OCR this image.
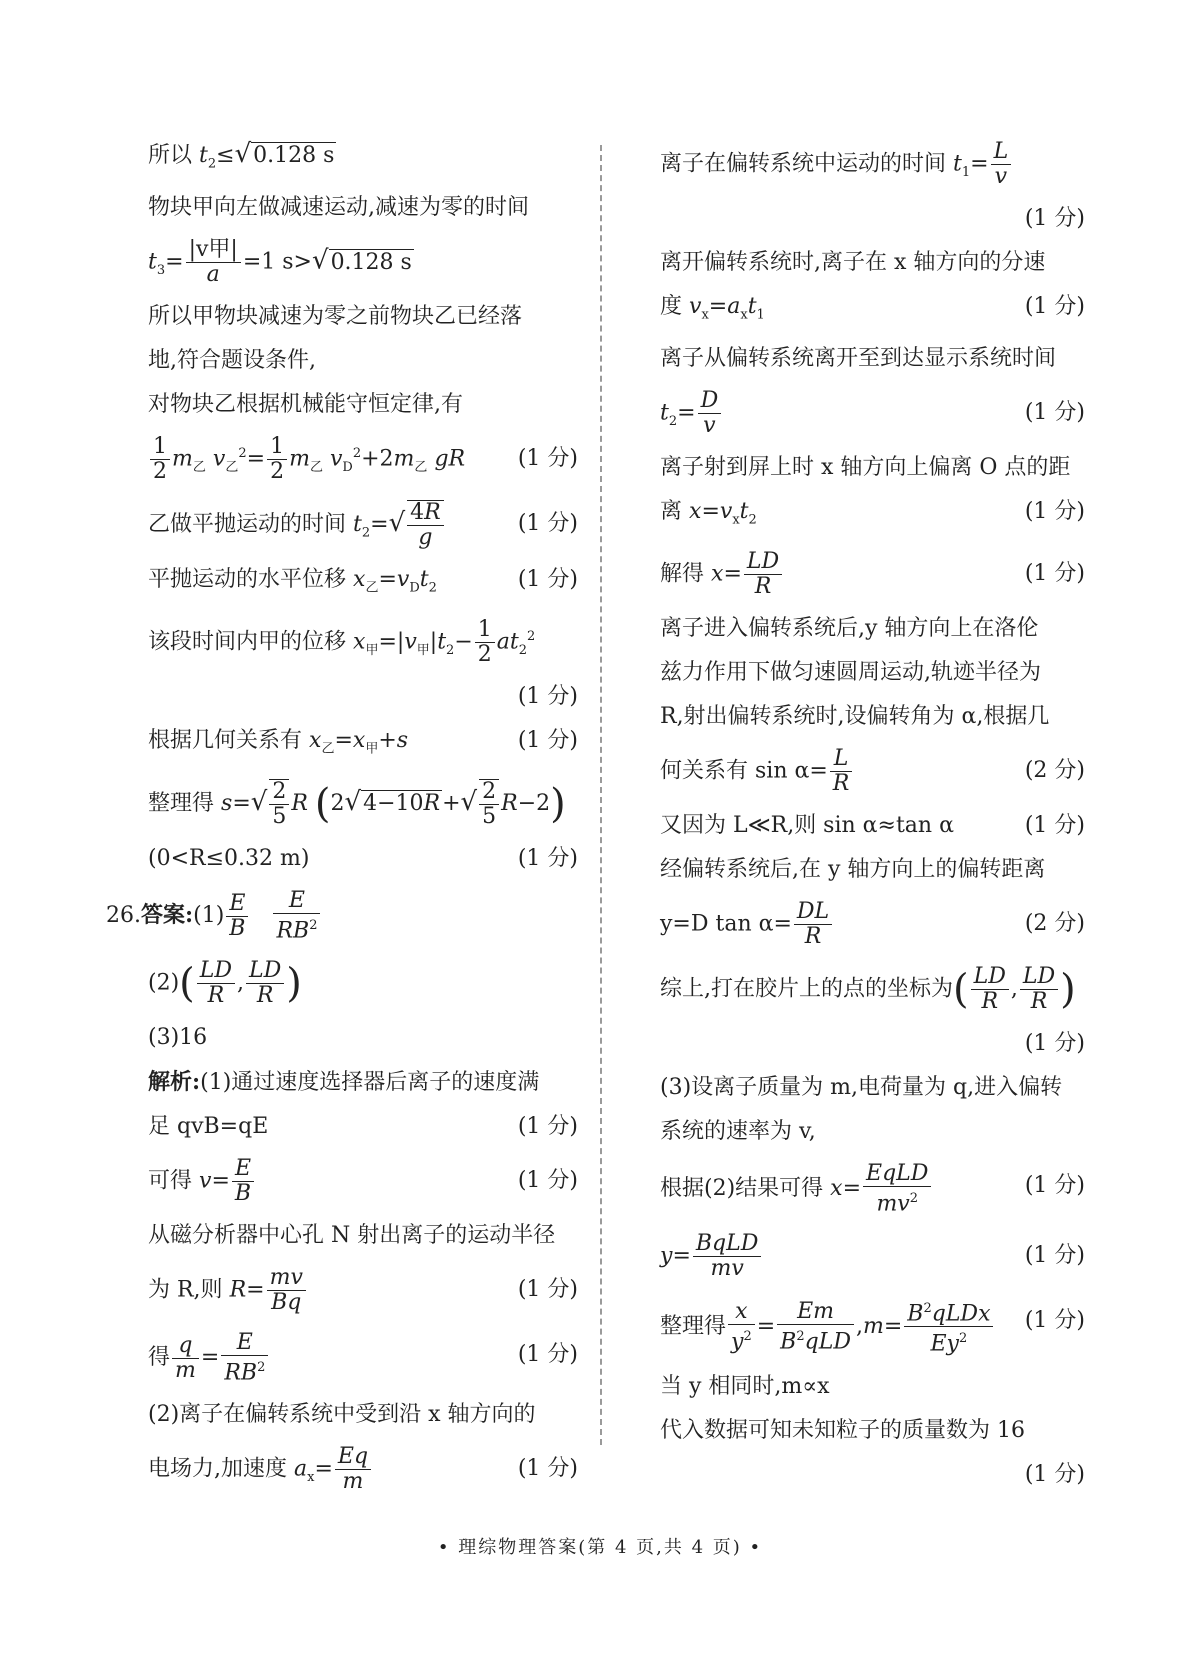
所以 $t_2\le√0.128$ s
物块甲向左做减速运动,减速为零的时间
$t_3= \frac{\text{|v甲|}}{a} =1$ s>√0.128 s
所以甲物块减速为零之前物块乙已经落
地,符合题设条件,
对物块乙根据机械能守恒定律,有
$\frac{1}{2} m_乙$ $v_乙^2= \frac{1}{2} m_乙$ $v_D^2+2m_乙$ gR (1 分)
乙做平抛运动的时间 $t_2=√ \frac{4R}{g}$	(1 分)
平抛运动的水平位移 $x_乙=v_Dt_2$	(1 分)
该段时间内甲的位移 $x_甲=|v_甲|t_2- \frac{1}{2} at_2^2$
(1 分)
根据几何关系有 $x_乙=x_甲+s$	(1 分)
整理得 $s=√ \frac{2}{5}$ R $(2√4-10R+√ \frac{2}{5} R-2)$
(0<R≤0.32 m)	(1 分)
26.答案:(1) $\frac{E}{B}$
$\frac{E}{RB^2}$
$(2)( \frac{LD}{R}$ , $\frac{LD}{R}$ )
(3)16
解析:(1)通过速度选择器后离子的速度满
足 qvB=qE	(1 分)
可得 $v= \frac{E}{B}$	(1 分)
从磁分析器中心孔 N 射出离子的运动半径
为 R,则 $R= \frac{mv}{Bq}$	(1 分)
得 $\frac{q}{m} = \frac{E}{RB^2}$	(1 分)
(2)离子在偏转系统中受到沿 x 轴方向的
电场力,加速度 $a_x= \frac{Eq}{m}$	(1 分)
离子在偏转系统中运动的时间 $t_1= \frac{L}{v}$
(1 分)
离开偏转系统时,离子在 x 轴方向的分速
度 $v_x=a_xt_1$	(1 分)
离子从偏转系统离开至到达显示系统时间
$t_2= \frac{D}{v}$	(1 分)
离子射到屏上时 x 轴方向上偏离 O 点的距
离 $x=v_xt_2$	(1 分)
解得 $x= \frac{LD}{R}$	(1 分)
离子进入偏转系统后,y 轴方向上在洛伦
兹力作用下做匀速圆周运动,轨迹半径为
R,射出偏转系统时,设偏转角为 α,根据几
何关系有 $\sin \alpha= \frac{L}{R}$	(2 分)
又因为 L≪R,则 sin α≈tan α	(1 分)
经偏转系统后,在 y 轴方向上的偏转距离
y=D $\tan \alpha= \frac{DL}{R}$	(2 分)
综上,打在胶片上的点的坐标为( $\frac{LD}{R}$ , $\frac{LD}{R}$ )
(1 分)
(3)设离子质量为 m,电荷量为 q,进入偏转
系统的速率为 v,
根据(2)结果可得 $x= \frac{\text{EqLD}}{mv^2}$	(1 分)
$y= \frac{\text{BqLD}}{mv}$	(1 分)
整理得 $\frac{x}{y^2} = \frac{Em}{B^2qLD} ,m= \frac{B^2qLDx}{Ey^2} (1$ 分)
当 y 相同时,m∝x
代入数据可知未知粒子的质量数为 16
(1 分)
• 理综物理答案(第 4 页,共 4 页) •
